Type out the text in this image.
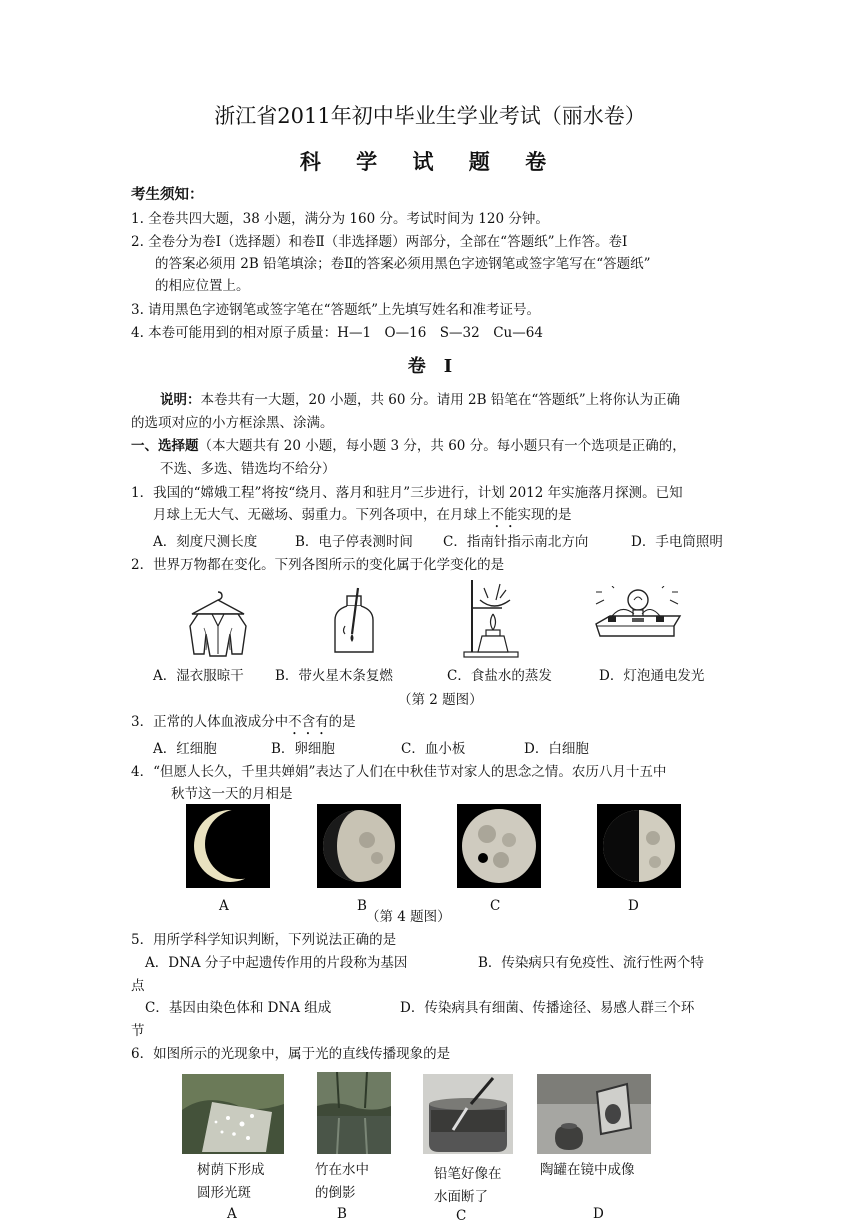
浙江省2011年初中毕业生学业考试（丽水卷）
科 学 试 题 卷
考生须知：
1. 全卷共四大题，38 小题，满分为 160 分。考试时间为 120 分钟。
2. 全卷分为卷Ⅰ（选择题）和卷Ⅱ（非选择题）两部分，全部在“答题纸”上作答。卷Ⅰ
的答案必须用 2B 铅笔填涂；卷Ⅱ的答案必须用黑色字迹钢笔或签字笔写在“答题纸”
的相应位置上。
3. 请用黑色字迹钢笔或签字笔在“答题纸”上先填写姓名和准考证号。
4. 本卷可能用到的相对原子质量：H—1　O—16　S—32　Cu—64
卷　Ⅰ
说明：本卷共有一大题，20 小题，共 60 分。请用 2B 铅笔在“答题纸”上将你认为正确
的选项对应的小方框涂黑、涂满。
一、选择题（本大题共有 20 小题，每小题 3 分，共 60 分。每小题只有一个选项是正确的，
不选、多选、错选均不给分）
1．我国的“嫦娥工程”将按“绕月、落月和驻月”三步进行，计划 2012 年实施落月探测。已知
月球上无大气、无磁场、弱重力。下列各项中，在月球上不能实现的是
A．刻度尺测长度	B．电子停表测时间 C．指南针指示南北方向	D．手电筒照明
2．世界万物都在变化。下列各图所示的变化属于化学变化的是
A．湿衣服晾干 B．带火星木条复燃	C．食盐水的蒸发	D．灯泡通电发光
（第 2 题图）
3．正常的人体血液成分中不含有的是
A．红细胞	B．卵细胞	C．血小板	D．白细胞
4．“但愿人长久，千里共婵娟”表达了人们在中秋佳节对家人的思念之情。农历八月十五中
秋节这一天的月相是
A	B
（第 4 题图）
C	D
5．用所学科学知识判断，下列说法正确的是
A．DNA 分子中起遗传作用的片段称为基因	B．传染病只有免疫性、流行性两个特
点
C．基因由染色体和 DNA 组成	D．传染病具有细菌、传播途径、易感人群三个环
节
6．如图所示的光现象中，属于光的直线传播现象的是
树荫下形成
圆形光斑
竹在水中
的倒影
铅笔好像在
水面断了
陶罐在镜中成像
A	B	C	D
